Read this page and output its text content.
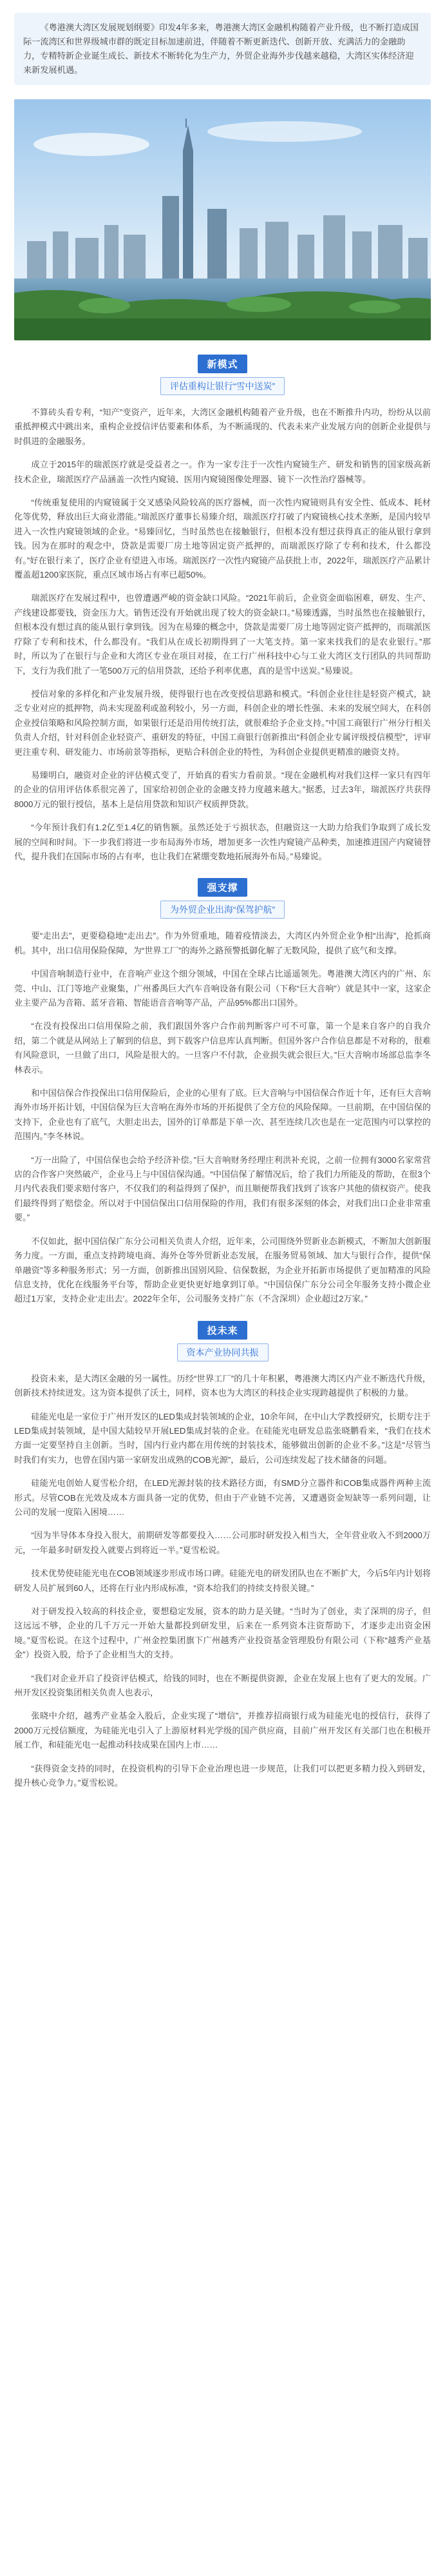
《粤港澳大湾区发展规划纲要》印发4年多来，粤港澳大湾区金融机构随着产业升级，也不断打造成国际一流湾区和世界级城市群的既定目标加速前进，伴随着不断更新迭代、创新开放、充满活力的金融助力，专精特新企业诞生成长、新技术不断转化为生产力，外贸企业海外步伐越来越稳，大湾区实体经济迎来新发展机遇。

新模式
评估重构让银行“雪中送炭”

不算砖头看专利，“知产”变资产，近年来，大湾区金融机构随着产业升级，也在不断推升内功，纷纷从以前重抵押模式中跳出来，重构企业授信评估要素和体系，为不断涌现的、代表未来产业发展方向的创新企业提供与时俱进的金融服务。

成立于2015年的瑞派医疗就是受益者之一。作为一家专注于一次性内窥镜生产、研发和销售的国家级高新技术企业，瑞派医疗产品涵盖一次性内窥镜、医用内窥镜图像处理器、镜下一次性治疗器械等。

“传统重复使用的内窥镜属于交叉感染风险较高的医疗器械，而一次性内窥镜则具有安全性、低成本、耗材化等优势，释放出巨大商业潜能。”瑞派医疗董事长易臻介绍，瑞派医疗打破了内窥镜核心技术垄断，是国内较早进入一次性内窥镜领域的企业。“易臻回忆，当时虽然也在接触银行，但根本没有想过获得真正的能从银行拿到钱。因为在那时的观念中，贷款是需要厂房土地等固定资产抵押的，而瑞派医疗除了专利和技术，什么都没有。”好在银行来了，医疗企业有望进入市场。瑞派医疗一次性内窥镜产品获批上市，2022年，瑞派医疗产品累计覆盖超1200家医院，重点区域市场占有率已超50%。

瑞派医疗在发展过程中，也曾遭遇严峻的资金缺口风险。“2021年前后，企业资金面临困难，研发、生产、产线建设都要钱，资金压力大。销售还没有开始就出现了较大的资金缺口。”易臻透露，当时虽然也在接触银行，但根本没有想过真的能从银行拿到钱。因为在易臻的概念中，贷款是需要厂房土地等固定资产抵押的，而瑞派医疗除了专利和技术，什么都没有。“我们从在成长初期得到了一大笔支持。第一家来找我们的是农业银行。”那时，所以为了在银行与企业和大湾区专业在项目对接，在工行广州科技中心与工业大湾区支行团队的共同帮助下，支行为我们批了一笔500万元的信用贷款，还给予利率优惠，真的是雪中送炭。”易臻说。

授信对象的多样化和产业发展升级，使得银行也在改变授信思路和模式。“科创企业往往是轻资产模式，缺乏专业对应的抵押物，尚未实现盈利或盈利较小，另一方面，科创企业的增长性强、未来的发展空间大，在科创企业授信策略和风险控制方面，如果银行还是沿用传统打法，就很难给予企业支持。”中国工商银行广州分行相关负责人介绍，针对科创企业轻资产、重研发的特征，中国工商银行创新推出“科创企业专属评级授信模型”，评审更注重专利、研发能力、市场前景等指标，更贴合科创企业的特性，为科创企业提供更精准的融资支持。

易臻明白，融资对企业的评估模式变了，开始真的看实力看前景。“现在金融机构对我们这样一家只有四年的企业的信用评估体系很完善了，国家给初创企业的金融支持力度越来越大。”据悉，过去3年，瑞派医疗共获得8000万元的银行授信，基本上是信用贷款和知识产权质押贷款。

“今年预计我们有1.2亿至1.4亿的销售额。虽然还处于亏损状态，但融资这一大助力给我们争取到了成长发展的空间和时间。下一步我们将进一步布局海外市场，增加更多一次性内窥镜产品种类，加速推进国产内窥镜替代，提升我们在国际市场的占有率，也让我们在紧绷变数地拓展海外布局。”易臻说。

强支撑
为外贸企业出海“保驾护航”

要“走出去”，更要稳稳地“走出去”。作为外贸重地，随着疫情淡去，大湾区内外贸企业争相“出海”，抢抓商机。其中，出口信用保险保障，为“世界工厂”的海外之路预警抵御化解了无数风险，提供了底气和支撑。

中国音响制造行业中，在音响产业这个细分领域，中国在全球占比遥遥领先。粤港澳大湾区内的广州、东莞、中山、江门等地产业聚集，广州番禺巨大汽车音响设备有限公司（下称“巨大音响”）就是其中一家，这家企业主要产品为音箱、蓝牙音箱、智能语音音响等产品，产品95%都出口国外。

“在没有投保出口信用保险之前，我们跟国外客户合作前判断客户可不可靠，第一个是来自客户的自我介绍，第二个就是从网站上了解到的信息，到下载客户信息库认真判断。但国外客户合作信息都是不对称的，很难有风险意识，一旦做了出口，风险是很大的。一旦客户不付款，企业损失就会很巨大。”巨大音响市场部总监李冬林表示。

和中国信保合作投保出口信用保险后，企业的心里有了底。巨大音响与中国信保合作近十年，还有巨大音响海外市场开拓计划，中国信保为巨大音响在海外市场的开拓提供了全方位的风险保障。一旦前期，在中国信保的支持下，企业也有了底气，大胆走出去，国外的订单都是下单一次、甚至连续几次也是在一定范围内可以掌控的范围内。”李冬林说。

“万一出险了，中国信保也会给予经济补偿。”巨大音响财务经理庄利洪补充说，之前一位拥有3000名家常营店的合作客户突然破产，企业马上与中国信保沟通。“中国信保了解情况后，给了我们力所能及的帮助，在很3个月内代表我们要求赔付客户，不仅我们的利益得到了保护，而且顺便帮我们找到了该客户其他的债权资产。使我们最终得到了赔偿金。所以对于中国信保出口信用保险的作用，我们有很多深刻的体会，对我们出口企业非常重要。”

不仅如此，据中国信保广东分公司相关负责人介绍，近年来，公司围绕外贸新业态新模式，不断加大创新服务力度。一方面，重点支持跨境电商、海外仓等外贸新业态发展，在服务贸易领域、加大与银行合作，提供“保单融资”等多种服务形式；另一方面，创新推出国别风险、信保数据，为企业开拓新市场提供了更加精准的风险信息支持，优化在线服务平台等，帮助企业更快更好地拿到订单。“中国信保广东分公司全年服务支持小微企业超过1万家，支持企业‘走出去’。2022年全年，公司服务支持广东（不含深圳）企业超过2万家。”

投未来
资本产业协同共振

投资未来，是大湾区金融的另一属性。历经“世界工厂”的几十年积累，粤港澳大湾区内产业不断迭代升级，创新技术持续迸发。这为资本提供了沃土，同样，资本也为大湾区的科技企业实现跨越提供了积极的力量。

硅能光电是一家位于广州开发区的LED集成封装领域的企业，10余年间，在中山大学教授研究，长期专注于LED集成封装领域，是中国大陆较早开展LED集成封装的企业。在硅能光电研发总监张晓鹏看来，“我们在技术方面一定要坚持自主创新。当时，国内行业内都在用传统的封装技术，能够做出创新的企业不多。”这是“尽管当时我们有实力，也曾在国内第一家研发出成熟的COB光源”，最后，公司连续发起了技术储备的问题。

硅能光电创始人夏雪松介绍，在LED光源封装的技术路径方面，有SMD分立器件和COB集成器件两种主流形式。尽管COB在光效及成本方面具备一定的优势，但由于产业链不完善，又遭遇资金短缺等一系列问题，让公司的发展一度陷入困境……

“因为半导体本身投入很大，前期研发等都要投入……公司那时研发投入相当大，全年营业收入不到2000万元，一年最多时研发投入就要占到将近一半。”夏雪松说。

技术优势使硅能光电在COB领域逐步形成市场口碑。硅能光电的研发团队也在不断扩大，今后5年内计划将研发人员扩展到60人，还将在行业内形成标准，“资本给我们的持续支持很关键。”

对于研发投入较高的科技企业，要想稳定发展，资本的助力是关键。“当时为了创业，卖了深圳的房子，但这远远不够，企业的几千万元一开始大量都投到研发里，后来在一系列资本注资帮助下，才逐步走出资金困境。”夏雪松说。在这个过程中，广州金控集团旗下广州越秀产业投资基金管理股份有限公司（下称“越秀产业基金”）投资入股，给予了企业相当大的支持。

“我们对企业开启了投资评估模式，给钱的同时，也在不断提供资源，企业在发展上也有了更大的发展。广州开发区投资集团相关负责人也表示，

张晓中介绍，越秀产业基金入股后，企业实现了“增信”，并推荐招商银行成为硅能光电的授信行，获得了2000万元授信额度，为硅能光电引入了上游原材料光学级的国产供应商，目前广州开发区有关部门也在积极开展工作，和硅能光电一起推动科技成果在国内上市……

“获得资金支持的同时，在投资机构的引导下企业治理也进一步规范，让我们可以把更多精力投入到研发，提升核心竞争力。”夏雪松说。
